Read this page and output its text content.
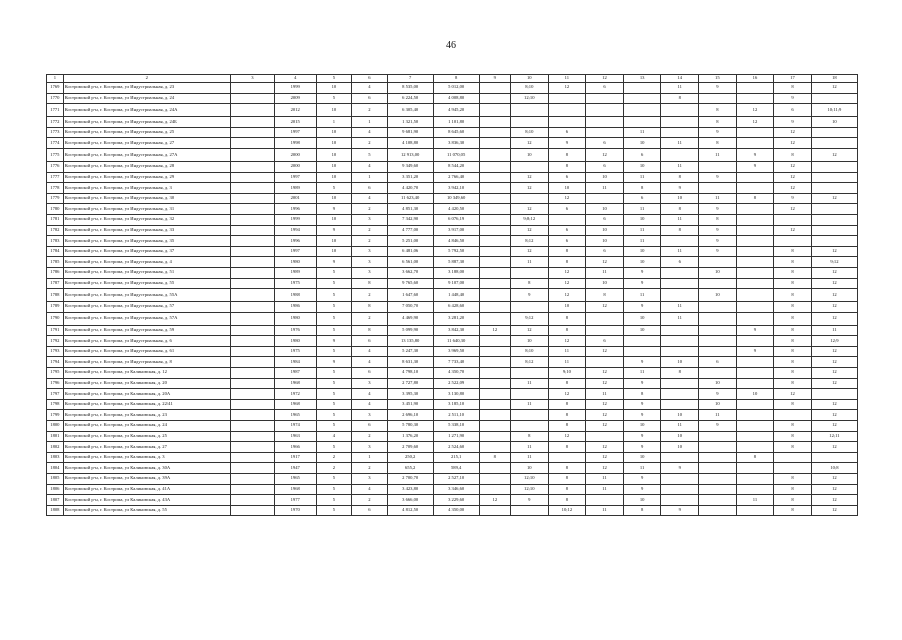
46
1	2	3	4	5	6	7	8	9	10	11	12	13	14	15	16	17	18
1769	Костромской р-н, г. Кострома, ул Индустриальная, д. 23		1999	10	4	8 535,00	5 012,00		8;10	12	6		11	9		8	12
1770	Костромской р-н, г. Кострома, ул Индустриальная, д. 24		2009	5	6	6 224,50	4 008,80		12;10				8			9	
1771	Костромской р-н, г. Кострома, ул Индустриальная, д. 24А		2012	10	2	6 305,40	4 945,20							8	12	6	10;11;9
1772	Костромской р-н, г. Кострома, ул Индустриальная, д. 24Б		2015	1	1	1 321,50	1 101,80							8	12	9	10
1773	Костромской р-н, г. Кострома, ул Индустриальная, д. 25		1997	10	4	9 681,90	8 645,60		8;10	6		11		9		12	
1774	Костромской р-н, г. Кострома, ул Индустриальная, д. 27		1998	10	2	4 108,80	3 836,30		12	9	6	10	11	8		12	
1775	Костромской р-н, г. Кострома, ул Индустриальная, д. 27А		2000	10	5	12 913,00	11 070,05		10	8	12	6		11	9	8	12
1776	Костромской р-н, г. Кострома, ул Индустриальная, д. 28		2000	10	4	9 349,60	8 544,20			8	6	10	11		9	12	
1777	Костромской р-н, г. Кострома, ул Индустриальная, д. 29		1997	10	1	3 351,20	2 766,40		12	6	10	11	8	9		12	
1778	Костромской р-н, г. Кострома, ул Индустриальная, д. 3		1989	5	6	4 420,70	3 942,10		12	10	11	8	9			12	
1779	Костромской р-н, г. Кострома, ул Индустриальная, д. 30		2001	10	4	11 623,40	10 349,60			12		6	10	11	8	9	12
1780	Костромской р-н, г. Кострома, ул Индустриальная, д. 31		1996	9	2	4 851,30	4 420,50		12	6	10	11	8	9		12	
1781	Костромской р-н, г. Кострома, ул Индустриальная, д. 32		1999	10	3	7 342,90	6 076,19		9;8;12		6	10	11	8			
1782	Костромской р-н, г. Кострома, ул Индустриальная, д. 33		1994	9	2	4 777,00	3 917,00		12	6	10	11	8	9		12	
1783	Костромской р-н, г. Кострома, ул Индустриальная, д. 35		1996	10	2	5 251,00	4 846,50		8;12	6	10	11		9			
1784	Костромской р-н, г. Кострома, ул Индустриальная, д. 37		1997	10	3	6 481,06	5 792,50		12	8	6	10	11	9		8	12
1785	Костромской р-н, г. Кострома, ул Индустриальная, д. 4		1980	9	3	6 561,00	5 887,30		11	8	12	10	6			8	9;12
1786	Костромской р-н, г. Кострома, ул Индустриальная, д. 51		1989	5	3	3 662,70	3 188,00			12	11	9		10		8	12
1787	Костромской р-н, г. Кострома, ул Индустриальная, д. 55		1975	5	8	9 765,60	9 107,00		8	12	10	9				8	12
1788	Костромской р-н, г. Кострома, ул Индустриальная, д. 55А		1988	5	2	1 647,60	1 448,40		9	12	8	11		10		8	12
1789	Костромской р-н, г. Кострома, ул Индустриальная, д. 57		1986	5	8	7 050,70	6 428,60			10	12	9	11			8	12
1790	Костромской р-н, г. Кострома, ул Индустриальная, д. 57А		1980	5	2	4 469,90	3 281,20		9;12	8		10	11			8	12
1791	Костромской р-н, г. Кострома, ул Индустриальная, д. 59		1976	5	8	5 099,90	3 842,30	12	12	8		10			9	8	11
1792	Костромской р-н, г. Кострома, ул Индустриальная, д. 6		1980	9	6	13 135,80	11 640,30		10	12	6					8	12;9
1793	Костромской р-н, г. Кострома, ул Индустриальная, д. 61		1975	5	4	5 247,30	3 969,50		8;10	11	12				9	8	12
1794	Костромской р-н, г. Кострома, ул Индустриальная, д. 8		1984	9	4	8 631,30	7 733,40		8;12	11		9	10	6		8	12
1795	Костромской р-н, г. Кострома, ул Калиновская, д. 12		1987	5	6	4 798,10	4 350,70			9;10	12	11	8			8	12
1796	Костромской р-н, г. Кострома, ул Калиновская, д. 20		1968	5	3	2 727,80	2 522,09		11	8	12	9		10		8	12
1797	Костромской р-н, г. Кострома, ул Калиновская, д. 20А		1972	5	4	3 395,30	3 130,80			12	11	8		9	10	12	
1798	Костромской р-н, г. Кострома, ул Калиновская, д. 22/41		1968	5	4	3 451,90	3 185,10		11	8	12	9		10		8	12
1799	Костромской р-н, г. Кострома, ул Калиновская, д. 23		1965	5	3	2 696,10	2 511,10			8	12	9	10	11			12
1800	Костромской р-н, г. Кострома, ул Калиновская, д. 24		1974	5	6	5 780,30	5 338,10			8	12	10	11	9		8	12
1801	Костромской р-н, г. Кострома, ул Калиновская, д. 25		1963	4	2	1 376,20	1 271,90		8	12		9	10			8	12;11
1802	Костромской р-н, г. Кострома, ул Калиновская, д. 27		1966	5	3	2 709,60	2 524,60		11	8	12	9	10			8	12
1803	Костромской р-н, г. Кострома, ул Калиновская, д. 3		1917	2	1	250,2	215,1	8	11		12	10			8		
1804	Костромской р-н, г. Кострома, ул Калиновская, д. 30А		1947	2	2	655,2	589,4		10	8	12	11	9				10;8
1805	Костромской р-н, г. Кострома, ул Калиновская, д. 39А		1965	5	3	2 700,70	2 527,10		12;10	8	11	9				8	12
1806	Костромской р-н, г. Кострома, ул Калиновская, д. 41А		1968	5	4	3 423,80	3 346,60		12;10	8	11	9				8	12
1807	Костромской р-н, г. Кострома, ул Калиновская, д. 43А		1977	5	2	3 666,00	3 229,60	12	9	8		10			11	8	12
1808	Костромской р-н, г. Кострома, ул Калиновская, д. 55		1970	5	6	4 812,50	4 350,00			10;12	11	8	9			8	12
